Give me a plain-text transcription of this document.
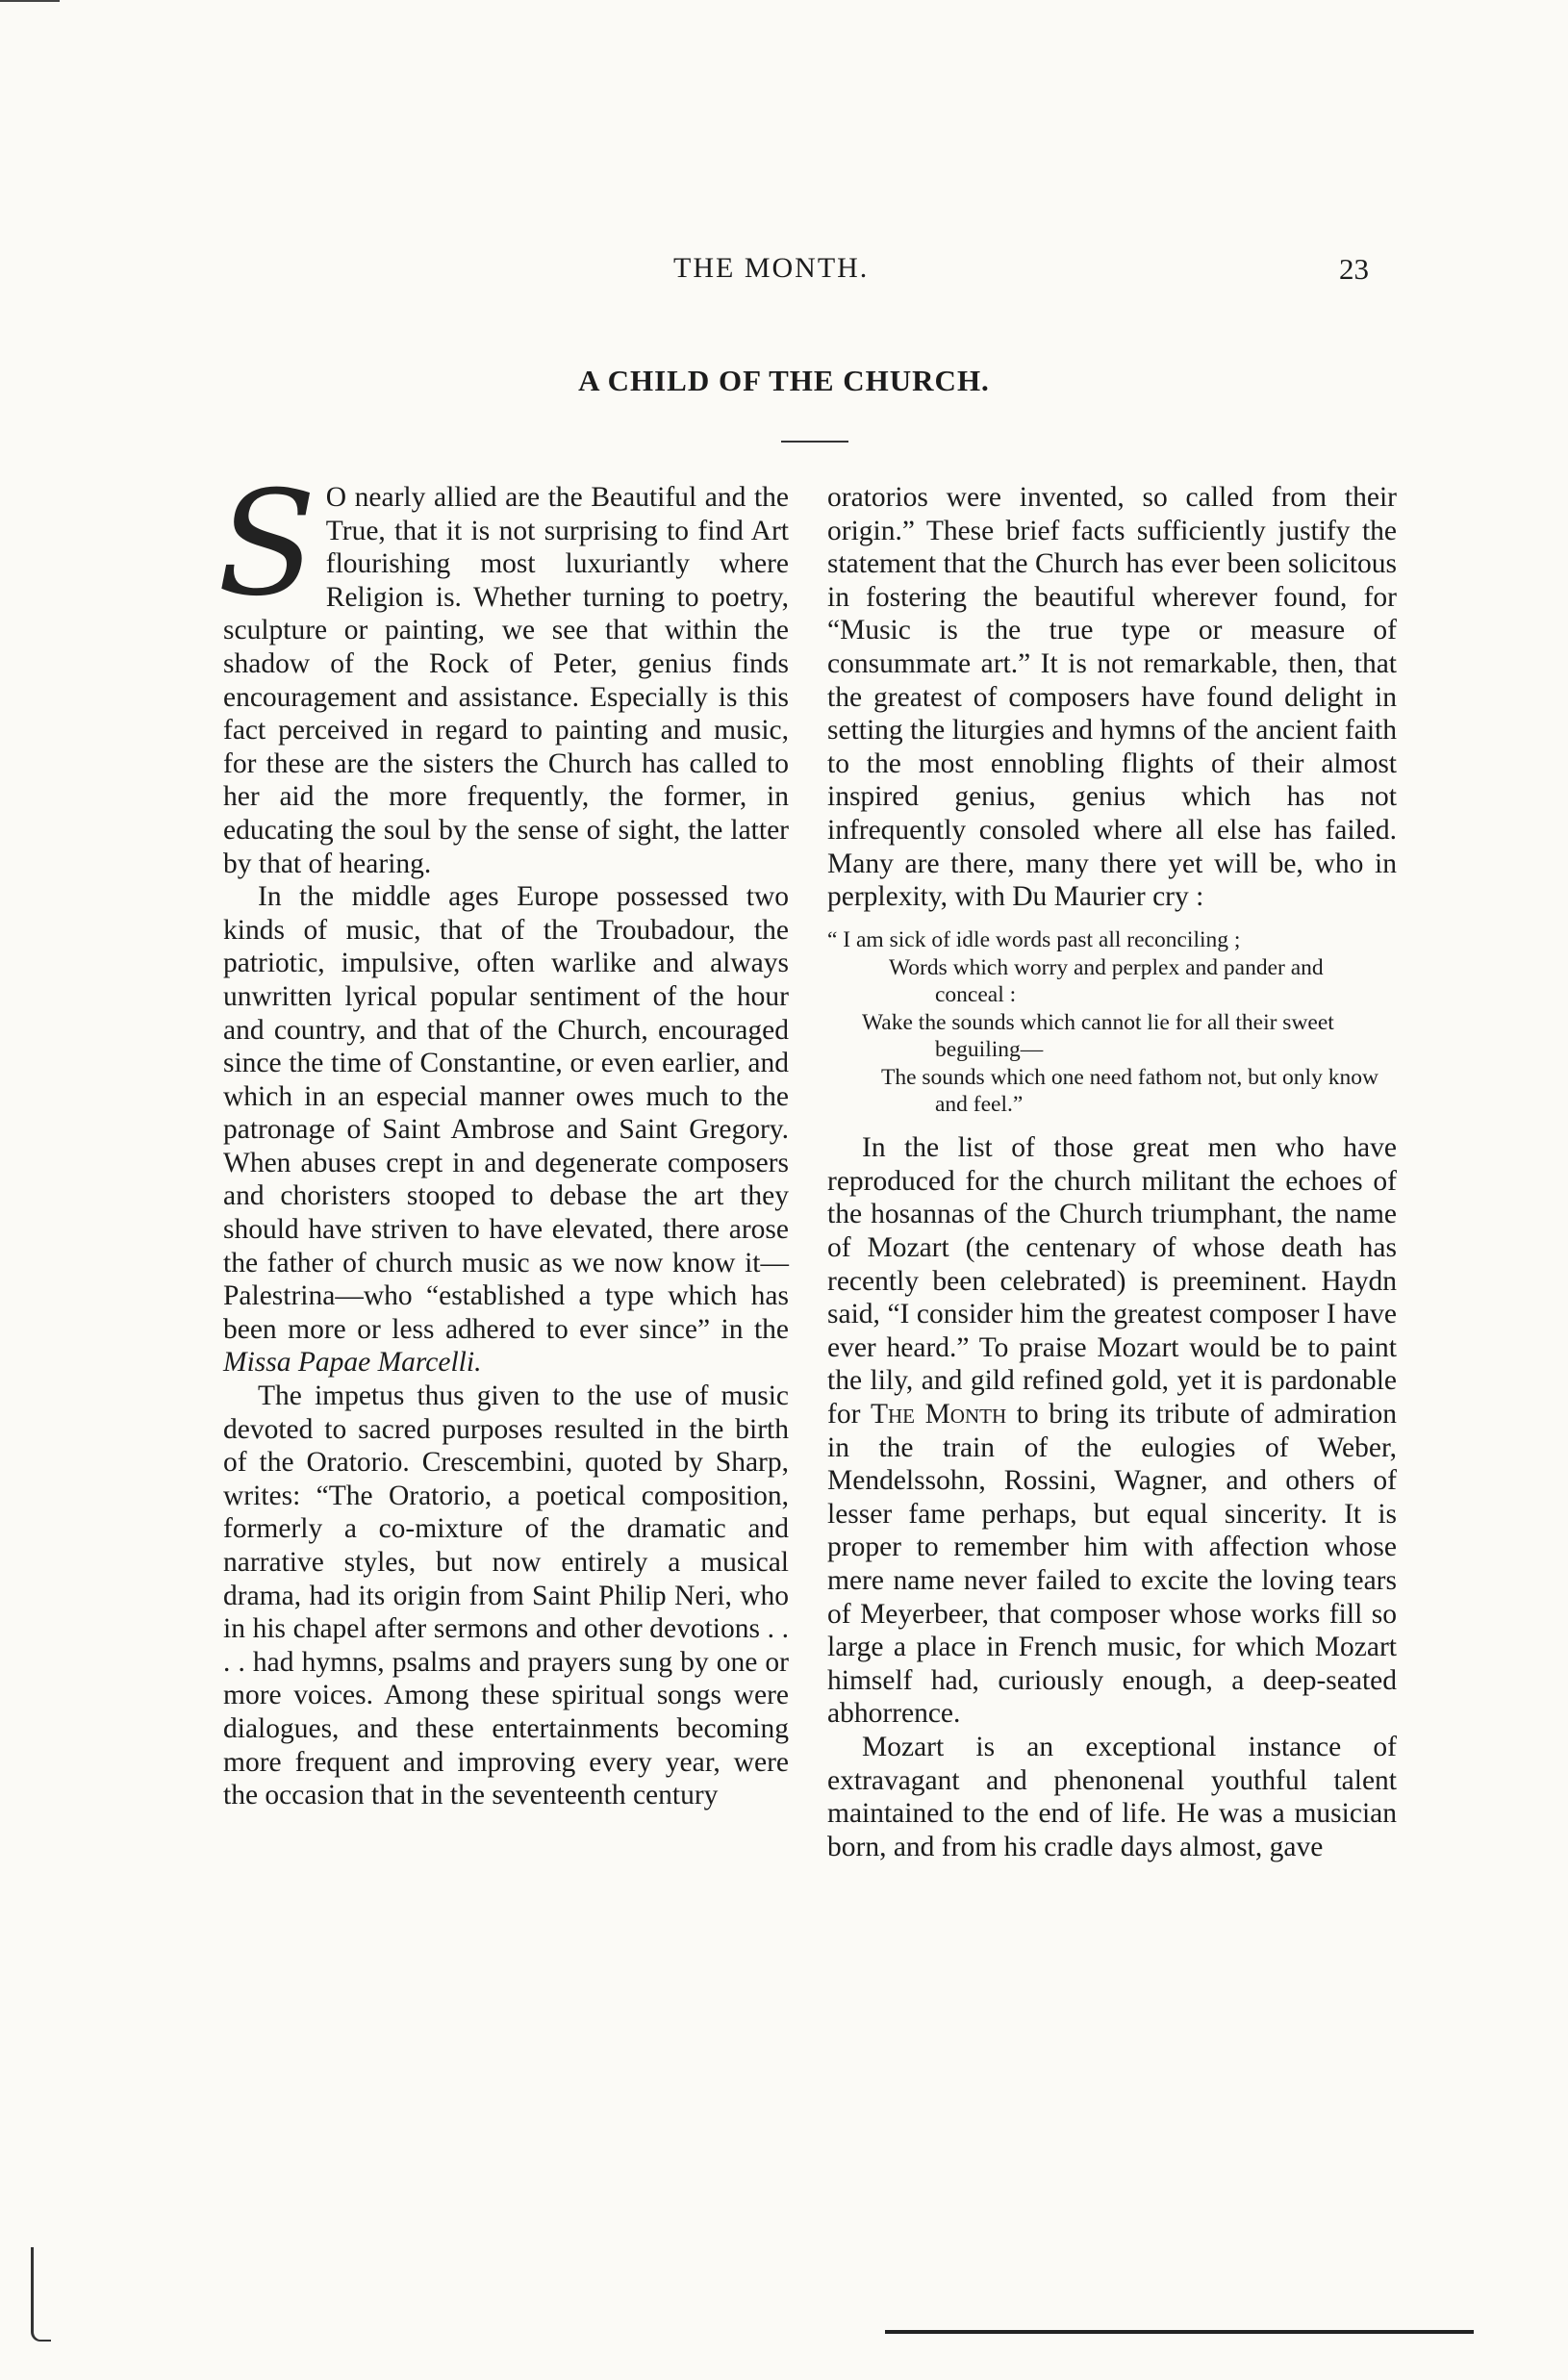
THE MONTH.	23
A CHILD OF THE CHURCH.

S O nearly allied are the Beautiful and the True, that it is not surprising to find Art flourishing most luxuriantly where Religion is. Whether turning to poetry, sculpture or painting, we see that within the shadow of the Rock of Peter, genius finds encouragement and assistance. Especially is this fact perceived in regard to painting and music, for these are the sisters the Church has called to her aid the more frequently, the former, in educating the soul by the sense of sight, the latter by that of hearing.

In the middle ages Europe possessed two kinds of music, that of the Troubadour, the patriotic, impulsive, often warlike and always unwritten lyrical popular sentiment of the hour and country, and that of the Church, encouraged since the time of Constantine, or even earlier, and which in an especial manner owes much to the patronage of Saint Ambrose and Saint Gregory. When abuses crept in and degenerate composers and choristers stooped to debase the art they should have striven to have elevated, there arose the father of church music as we now know it—Palestrina—who “established a type which has been more or less adhered to ever since” in the Missa Papae Marcelli.

The impetus thus given to the use of music devoted to sacred purposes resulted in the birth of the Oratorio. Crescembini, quoted by Sharp, writes: “The Oratorio, a poetical composition, formerly a co-mixture of the dramatic and narrative styles, but now entirely a musical drama, had its origin from Saint Philip Neri, who in his chapel after sermons and other devotions . . . . had hymns, psalms and prayers sung by one or more voices. Among these spiritual songs were dialogues, and these entertainments becoming more frequent and improving every year, were the occasion that in the seventeenth century

oratorios were invented, so called from their origin.” These brief facts sufficiently justify the statement that the Church has ever been solicitous in fostering the beautiful wherever found, for “Music is the true type or measure of consummate art.” It is not remarkable, then, that the greatest of composers have found delight in setting the liturgies and hymns of the ancient faith to the most ennobling flights of their almost inspired genius, genius which has not infrequently consoled where all else has failed. Many are there, many there yet will be, who in perplexity, with Du Maurier cry :

“ I am sick of idle words past all reconciling ;

Words which worry and perplex and pander and conceal :

Wake the sounds which cannot lie for all their sweet beguiling—

The sounds which one need fathom not, but only know and feel.”

In the list of those great men who have reproduced for the church militant the echoes of the hosannas of the Church triumphant, the name of Mozart (the centenary of whose death has recently been celebrated) is preeminent. Haydn said, “I consider him the greatest composer I have ever heard.” To praise Mozart would be to paint the lily, and gild refined gold, yet it is pardonable for The Month to bring its tribute of admiration in the train of the eulogies of Weber, Mendelssohn, Rossini, Wagner, and others of lesser fame perhaps, but equal sincerity. It is proper to remember him with affection whose mere name never failed to excite the loving tears of Meyerbeer, that composer whose works fill so large a place in French music, for which Mozart himself had, curiously enough, a deep-seated abhorrence.

Mozart is an exceptional instance of extravagant and phenonenal youthful talent maintained to the end of life. He was a musician born, and from his cradle days almost, gave
